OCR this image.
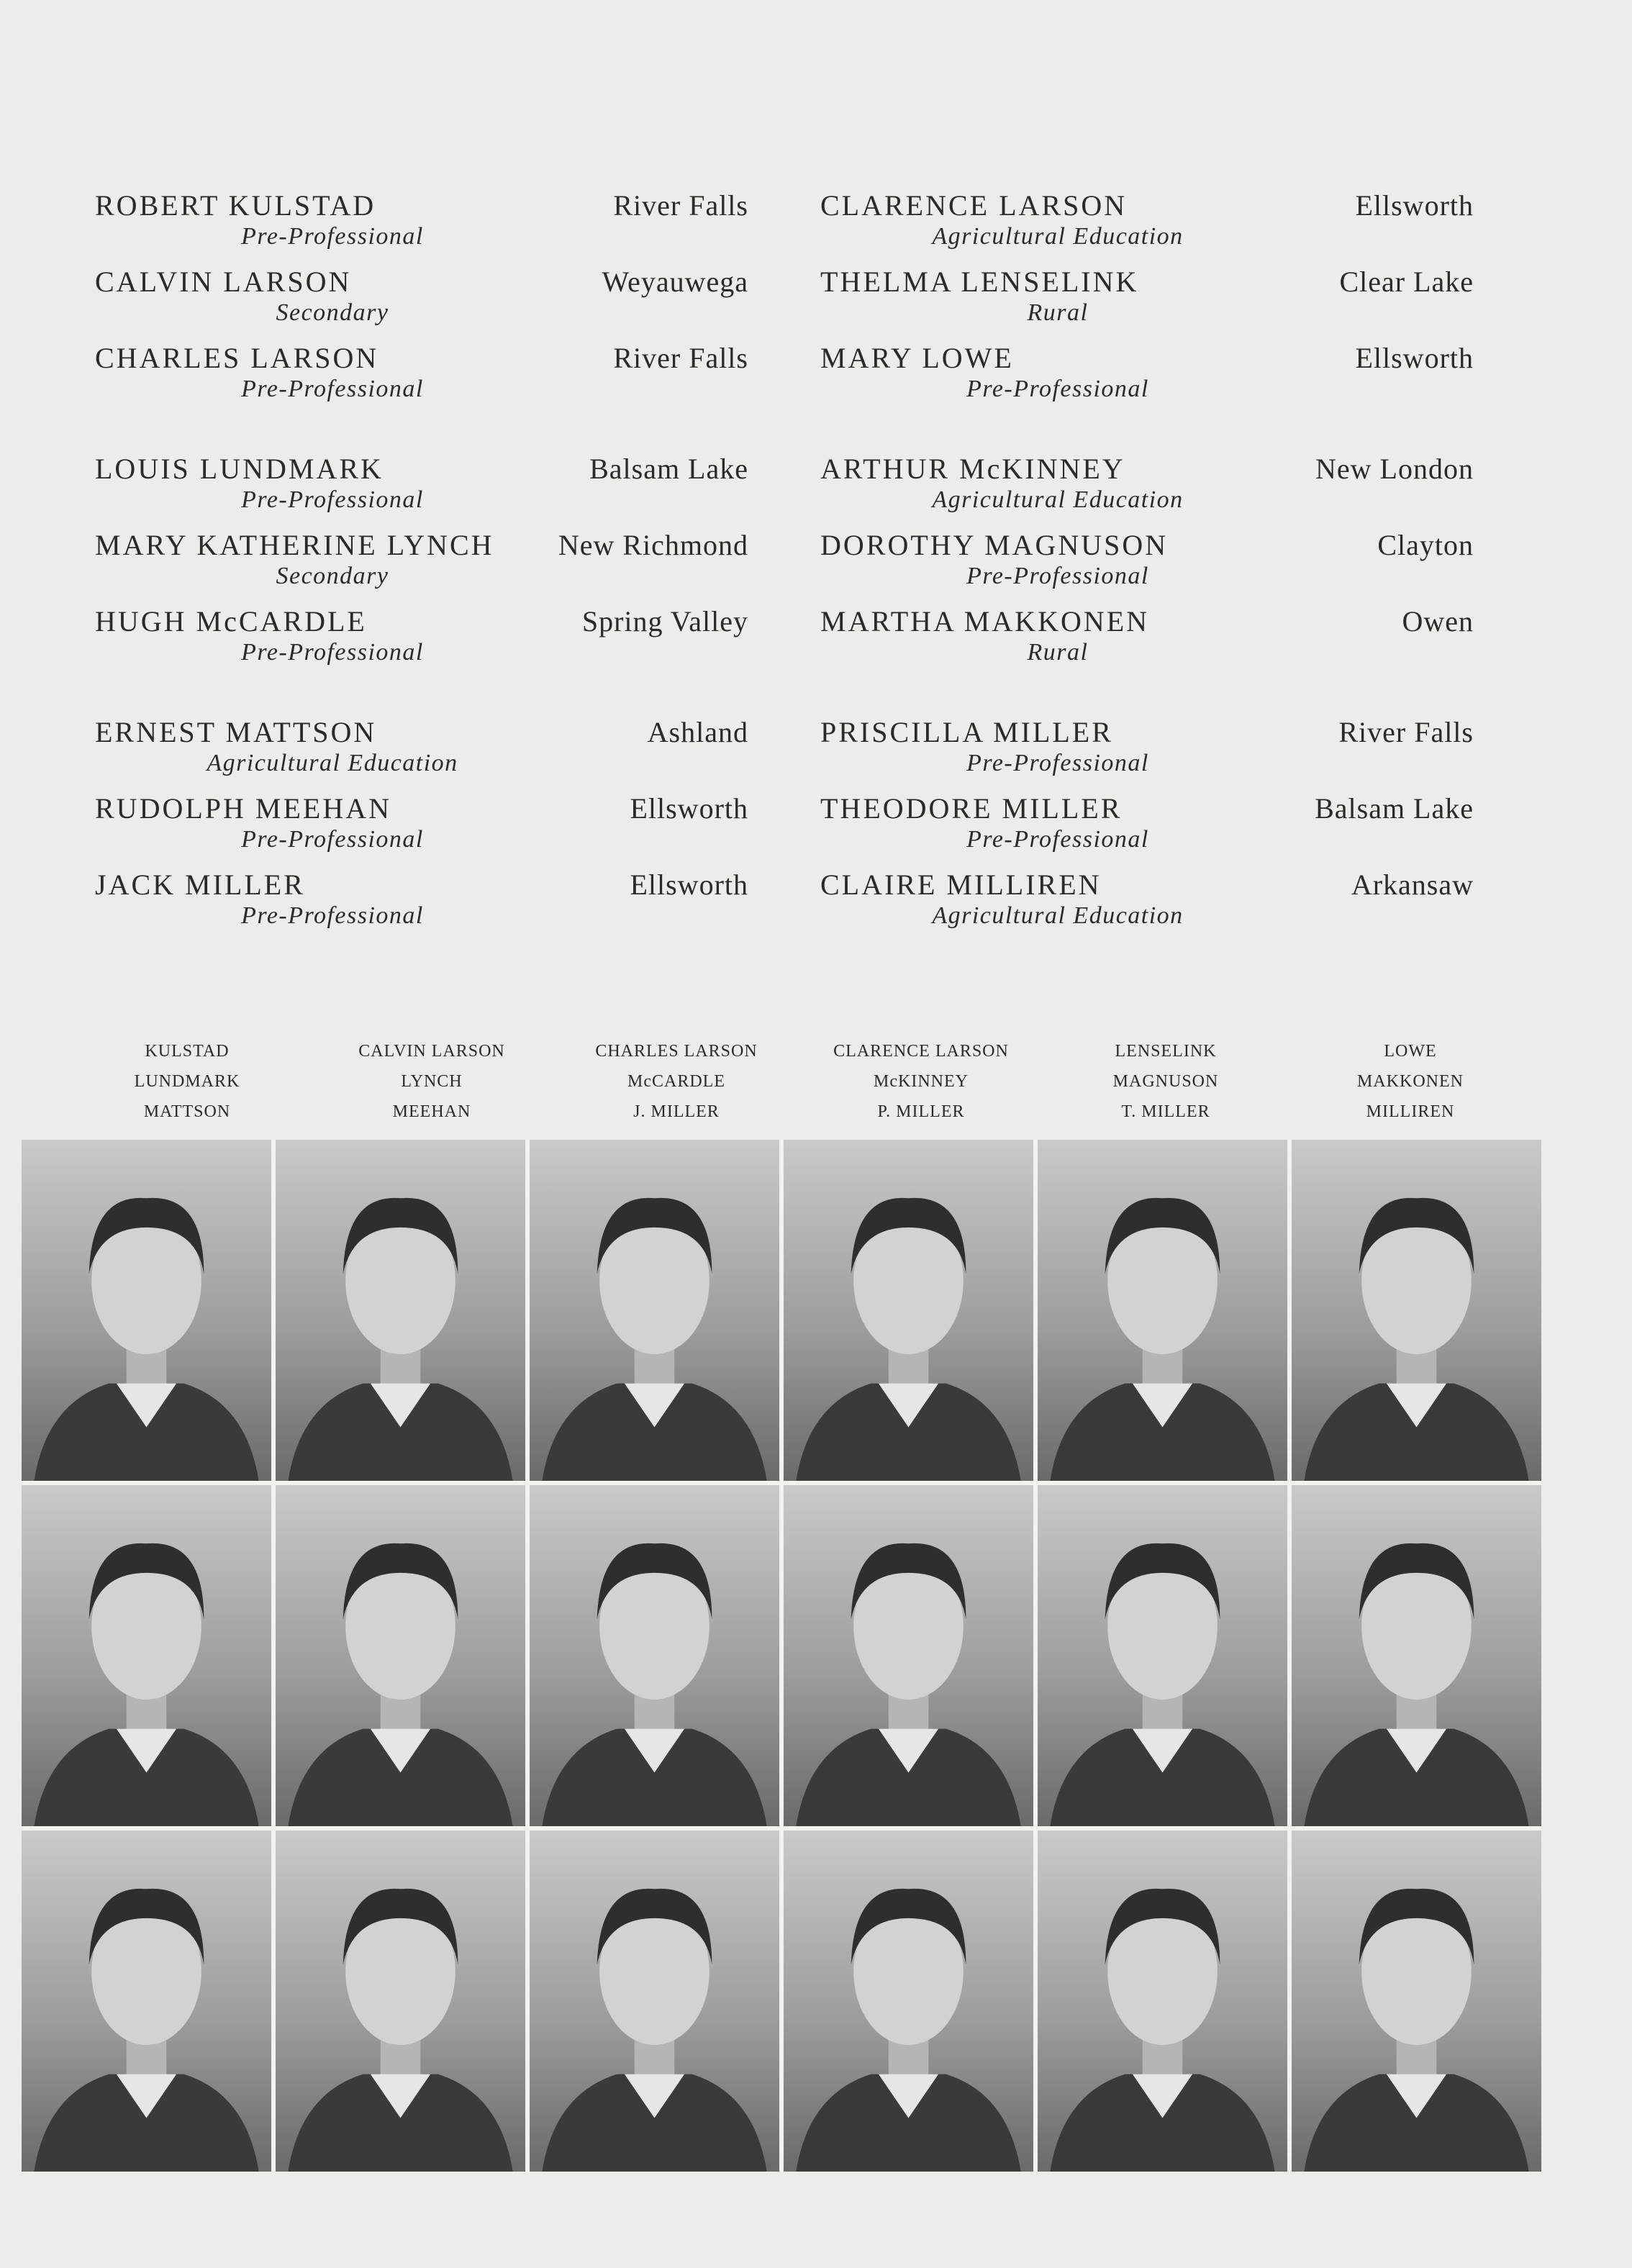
ROBERT KULSTAD	River Falls
Pre-Professional
CALVIN LARSON	Weyauwega
Secondary
CHARLES LARSON	River Falls
Pre-Professional
CLARENCE LARSON	Ellsworth
Agricultural Education
THELMA LENSELINK	Clear Lake
Rural
MARY LOWE	Ellsworth
Pre-Professional
LOUIS LUNDMARK	Balsam Lake
Pre-Professional
MARY KATHERINE LYNCH New Richmond
Secondary
HUGH McCARDLE	Spring Valley
Pre-Professional
ARTHUR McKINNEY	New London
Agricultural Education
DOROTHY MAGNUSON	Clayton
Pre-Professional
MARTHA MAKKONEN	Owen
Rural
ERNEST MATTSON	Ashland
Agricultural Education
RUDOLPH MEEHAN	Ellsworth
Pre-Professional
JACK MILLER	Ellsworth
Pre-Professional
PRISCILLA MILLER	River Falls
Pre-Professional
THEODORE MILLER	Balsam Lake
Pre-Professional
CLAIRE MILLIREN	Arkansaw
Agricultural Education
KULSTAD
LUNDMARK
MATTSON
CALVIN LARSON
LYNCH
MEEHAN
CHARLES LARSON
McCARDLE
J. MILLER
CLARENCE LARSON
McKINNEY
P. MILLER
LENSELINK
MAGNUSON
T. MILLER
LOWE
MAKKONEN
MILLIREN
